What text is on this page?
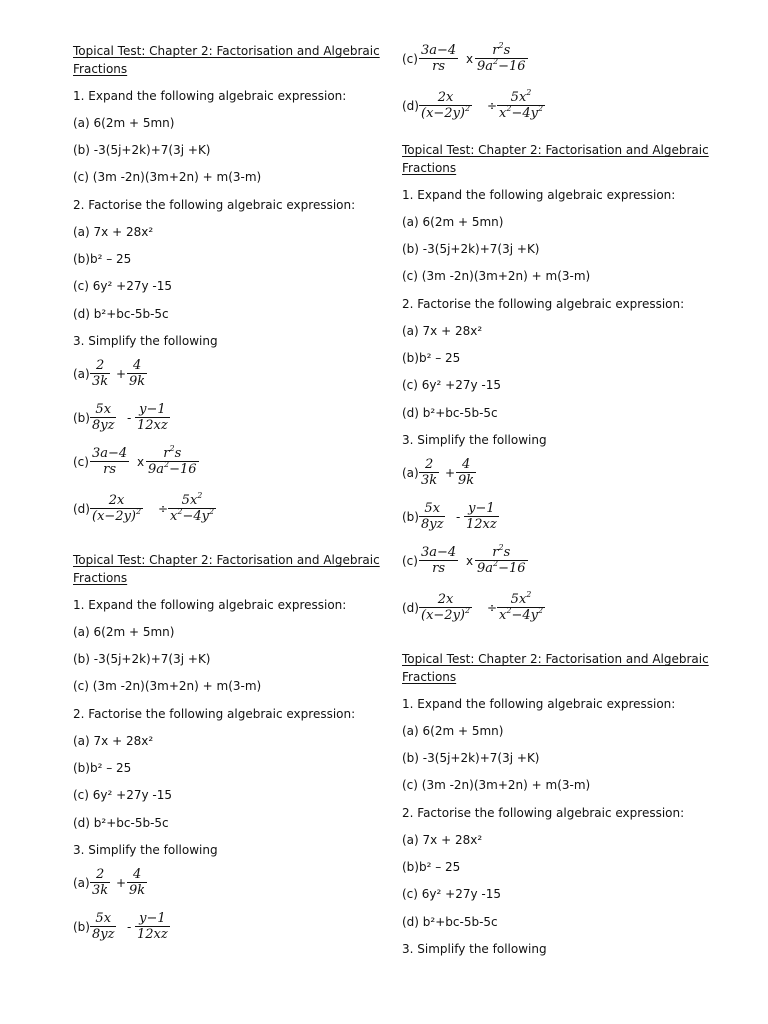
Topical Test: Chapter 2: Factorisation and Algebraic
Fractions
1. Expand the following algebraic expression:
(a) 6(2m + 5mn)
(b) -3(5j+2k)+7(3j +K)
(c) (3m -2n)(3m+2n) + m(3-m)
2. Factorise the following algebraic expression:
(a) 7x + 28x²
(b)b² – 25
(c) 6y² +27y -15
(d) b²+bc-5b-5c
3. Simplify the following
$(a) \frac{2}{3k} + \frac{4}{9k}$
$(b) \frac{5x}{8yz} - \frac{y-1}{12xz}$
$(c) \frac{3a-4}{rs}$ x $\frac{r^2s}{9a^2-16}$
$(d) \frac{2x}{(x-2y)^2} \div \frac{5x^2}{x^2-4y^2}$
Topical Test: Chapter 2: Factorisation and Algebraic
Fractions
1. Expand the following algebraic expression:
(a) 6(2m + 5mn)
(b) -3(5j+2k)+7(3j +K)
(c) (3m -2n)(3m+2n) + m(3-m)
2. Factorise the following algebraic expression:
(a) 7x + 28x²
(b)b² – 25
(c) 6y² +27y -15
(d) b²+bc-5b-5c
3. Simplify the following
$(a) \frac{2}{3k} + \frac{4}{9k}$
$(b) \frac{5x}{8yz} - \frac{y-1}{12xz}$
$(c) \frac{3a-4}{rs}$ x $\frac{r^2s}{9a^2-16}$
$(d) \frac{2x}{(x-2y)^2} \div \frac{5x^2}{x^2-4y^2}$
Topical Test: Chapter 2: Factorisation and Algebraic
Fractions
1. Expand the following algebraic expression:
(a) 6(2m + 5mn)
(b) -3(5j+2k)+7(3j +K)
(c) (3m -2n)(3m+2n) + m(3-m)
2. Factorise the following algebraic expression:
(a) 7x + 28x²
(b)b² – 25
(c) 6y² +27y -15
(d) b²+bc-5b-5c
3. Simplify the following
$(a) \frac{2}{3k} + \frac{4}{9k}$
$(b) \frac{5x}{8yz} - \frac{y-1}{12xz}$
$(c) \frac{3a-4}{rs}$ x $\frac{r^2s}{9a^2-16}$
$(d) \frac{2x}{(x-2y)^2} \div \frac{5x^2}{x^2-4y^2}$
Topical Test: Chapter 2: Factorisation and Algebraic
Fractions
1. Expand the following algebraic expression:
(a) 6(2m + 5mn)
(b) -3(5j+2k)+7(3j +K)
(c) (3m -2n)(3m+2n) + m(3-m)
2. Factorise the following algebraic expression:
(a) 7x + 28x²
(b)b² – 25
(c) 6y² +27y -15
(d) b²+bc-5b-5c
3. Simplify the following
